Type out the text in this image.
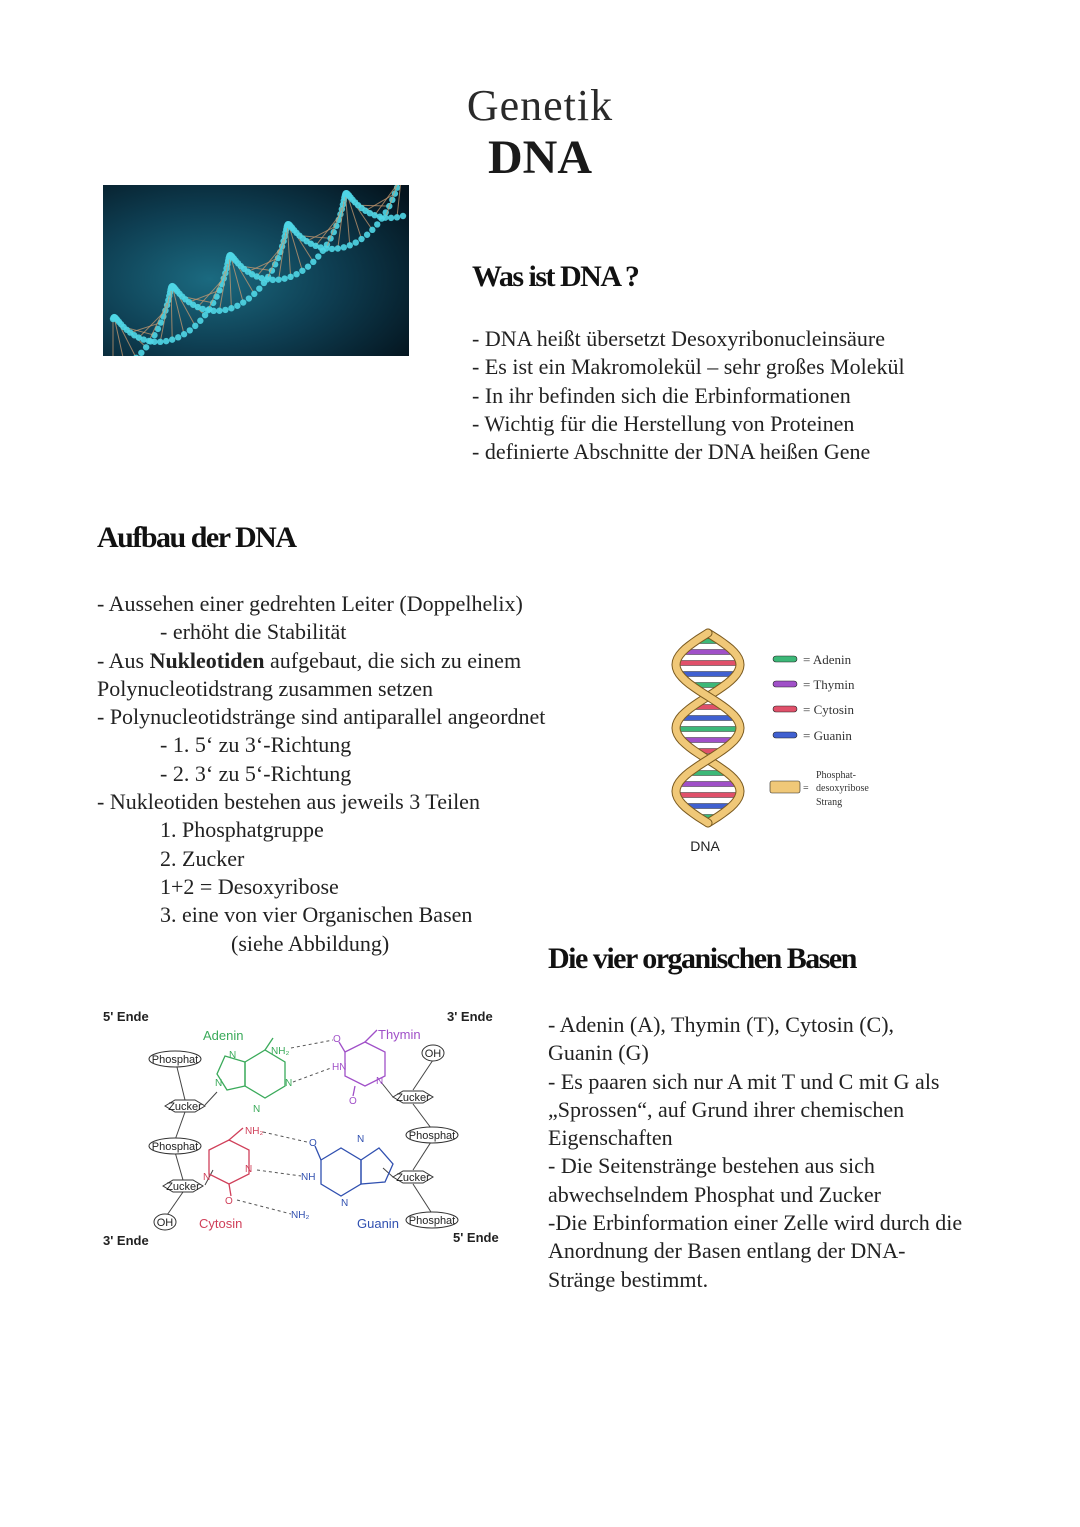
Genetik
DNA
Was ist DNA ?
- DNA heißt übersetzt Desoxyribonucleinsäure
- Es ist ein Makromolekül – sehr großes Molekül
- In ihr befinden sich die Erbinformationen
- Wichtig für die Herstellung von Proteinen
- definierte Abschnitte der DNA heißen Gene
Aufbau der DNA
- Aussehen einer gedrehten Leiter (Doppelhelix)
- erhöht die Stabilität
- Aus Nukleotiden aufgebaut, die sich zu einem
Polynucleotidstrang zusammen setzen
- Polynucleotidstränge sind antiparallel angeordnet
- 1. 5‘ zu 3‘-Richtung
- 2. 3‘ zu 5‘-Richtung
- Nukleotiden bestehen aus jeweils 3 Teilen
1. Phosphatgruppe
2. Zucker
1+2 = Desoxyribose
3. eine von vier Organischen Basen
(siehe Abbildung)
= Adenin
= Thymin
= Cytosin
= Guanin
Phosphat-
= desoxyribose
Strang
DNA
5' Ende	3' Ende
3' Ende	5' Ende
Adenin	Thymin
Cytosin	Guanin
Phosphat
Phosphat
Phosphat
Phosphat
Zucker
Zucker
Zucker
Zucker
OH
OH
N
N
N
NH₂
N
O
HN
O
N
NH₂
N
N
O
O
NH
NH₂
N
N
Die vier organischen Basen
- Adenin (A), Thymin (T), Cytosin (C),
Guanin (G)
- Es paaren sich nur A mit T und C mit G als
„Sprossen“, auf Grund ihrer chemischen
Eigenschaften
- Die Seitenstränge bestehen aus sich
abwechselndem Phosphat und Zucker
-Die Erbinformation einer Zelle wird durch die
Anordnung der Basen entlang der DNA-
Stränge bestimmt.
